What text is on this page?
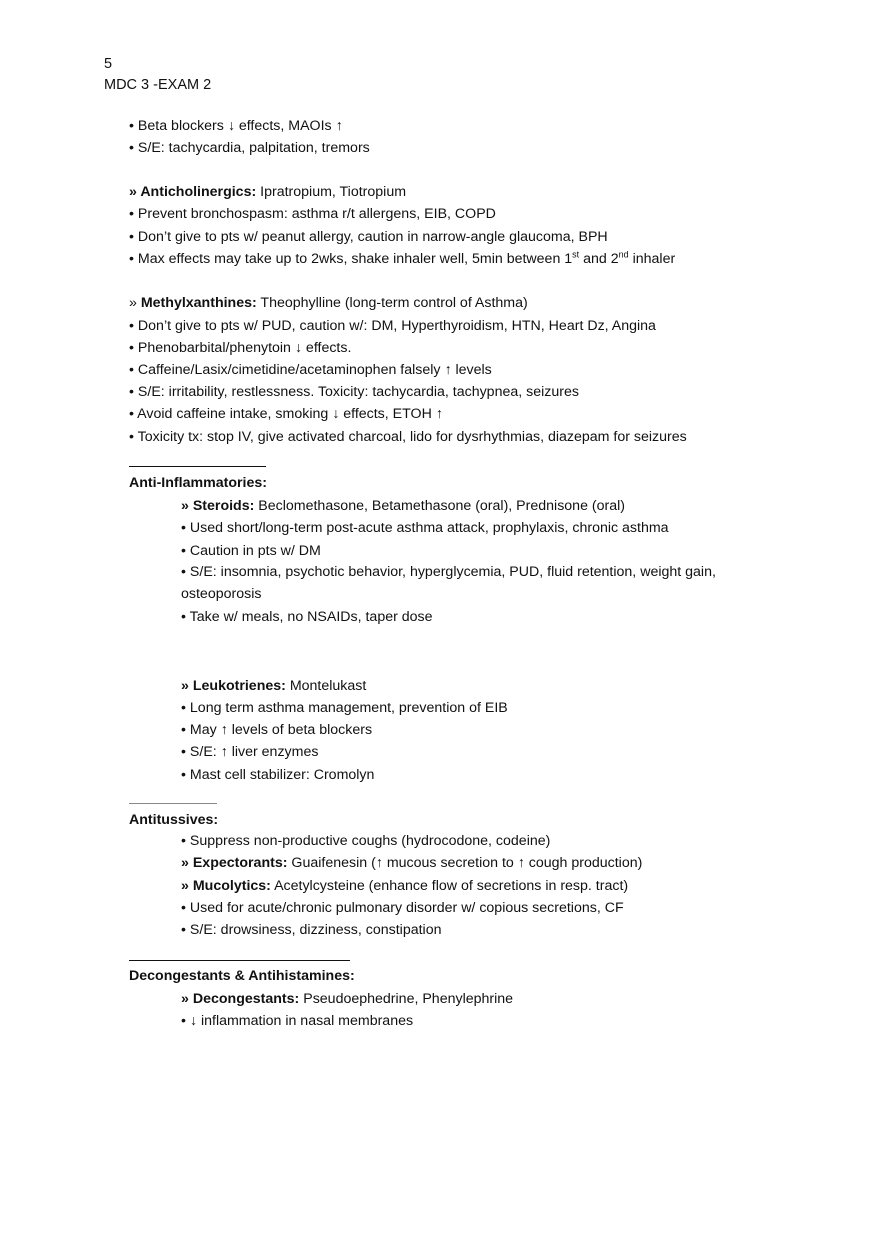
5
MDC 3 -EXAM 2
• Beta blockers ↓ effects, MAOIs ↑
• S/E: tachycardia, palpitation, tremors
» Anticholinergics: Ipratropium, Tiotropium
• Prevent bronchospasm: asthma r/t allergens, EIB, COPD
• Don’t give to pts w/ peanut allergy, caution in narrow-angle glaucoma, BPH
• Max effects may take up to 2wks, shake inhaler well, 5min between 1st and 2nd inhaler
» Methylxanthines: Theophylline (long-term control of Asthma)
• Don’t give to pts w/ PUD, caution w/: DM, Hyperthyroidism, HTN, Heart Dz, Angina
• Phenobarbital/phenytoin ↓ effects.
• Caffeine/Lasix/cimetidine/acetaminophen falsely ↑ levels
• S/E: irritability, restlessness. Toxicity: tachycardia, tachypnea, seizures
• Avoid caffeine intake, smoking ↓ effects, ETOH ↑
• Toxicity tx: stop IV, give activated charcoal, lido for dysrhythmias, diazepam for seizures
Anti-Inflammatories:
» Steroids: Beclomethasone, Betamethasone (oral), Prednisone (oral)
• Used short/long-term post-acute asthma attack, prophylaxis, chronic asthma
• Caution in pts w/ DM
• S/E: insomnia, psychotic behavior, hyperglycemia, PUD, fluid retention, weight gain,
osteoporosis
• Take w/ meals, no NSAIDs, taper dose
» Leukotrienes: Montelukast
• Long term asthma management, prevention of EIB
• May ↑ levels of beta blockers
• S/E: ↑ liver enzymes
• Mast cell stabilizer: Cromolyn
Antitussives:
• Suppress non-productive coughs (hydrocodone, codeine)
» Expectorants: Guaifenesin (↑ mucous secretion to ↑ cough production)
» Mucolytics: Acetylcysteine (enhance flow of secretions in resp. tract)
• Used for acute/chronic pulmonary disorder w/ copious secretions, CF
• S/E: drowsiness, dizziness, constipation
Decongestants & Antihistamines:
» Decongestants: Pseudoephedrine, Phenylephrine
• ↓ inflammation in nasal membranes
